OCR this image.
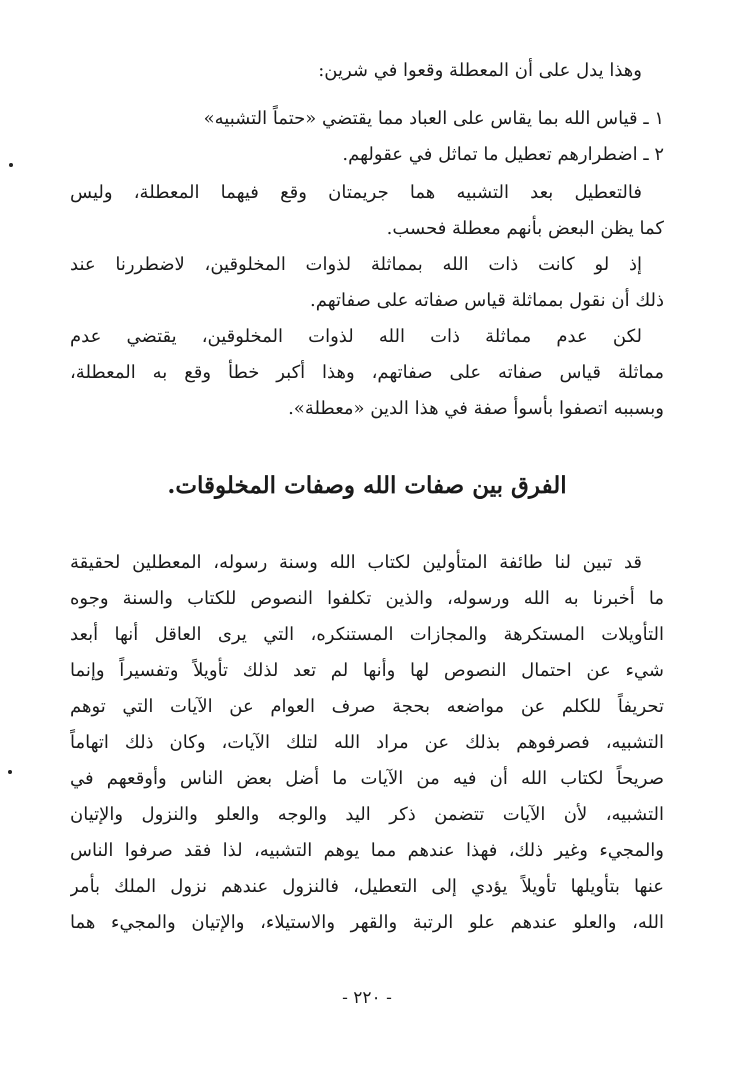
وهذا يدل على أن المعطلة وقعوا في شرين:
١ ـ قياس الله بما يقاس على العباد مما يقتضي «حتماً التشبيه»
٢ ـ اضطرارهم تعطيل ما تماثل في عقولهم.
فالتعطيل بعد التشبيه هما جريمتان وقع فيهما المعطلة، وليس
كما يظن البعض بأنهم معطلة فحسب.
إذ لو كانت ذات الله بمماثلة لذوات المخلوقين، لاضطررنا عند
ذلك أن نقول بمماثلة قياس صفاته على صفاتهم.
لكن عدم مماثلة ذات الله لذوات المخلوقين، يقتضي عدم
مماثلة قياس صفاته على صفاتهم، وهذا أكبر خطأ وقع به المعطلة،
وبسببه اتصفوا بأسوأ صفة في هذا الدين «معطلة».
الفرق بين صفات الله وصفات المخلوقات.
قد تبين لنا طائفة المتأولين لكتاب الله وسنة رسوله، المعطلين لحقيقة
ما أخبرنا به الله ورسوله، والذين تكلفوا النصوص للكتاب والسنة وجوه
التأويلات المستكرهة والمجازات المستنكره، التي يرى العاقل أنها أبعد
شيء عن احتمال النصوص لها وأنها لم تعد لذلك تأويلاً وتفسيراً وإنما
تحريفاً للكلم عن مواضعه بحجة صرف العوام عن الآيات التي توهم
التشبيه، فصرفوهم بذلك عن مراد الله لتلك الآيات، وكان ذلك اتهاماً
صريحاً لكتاب الله أن فيه من الآيات ما أضل بعض الناس وأوقعهم في
التشبيه، لأن الآيات تتضمن ذكر اليد والوجه والعلو والنزول والإتيان
والمجيء وغير ذلك، فهذا عندهم مما يوهم التشبيه، لذا فقد صرفوا الناس
عنها بتأويلها تأويلاً يؤدي إلى التعطيل، فالنزول عندهم نزول الملك بأمر
الله، والعلو عندهم علو الرتبة والقهر والاستيلاء، والإتيان والمجيء هما
- ٢٢٠ -
